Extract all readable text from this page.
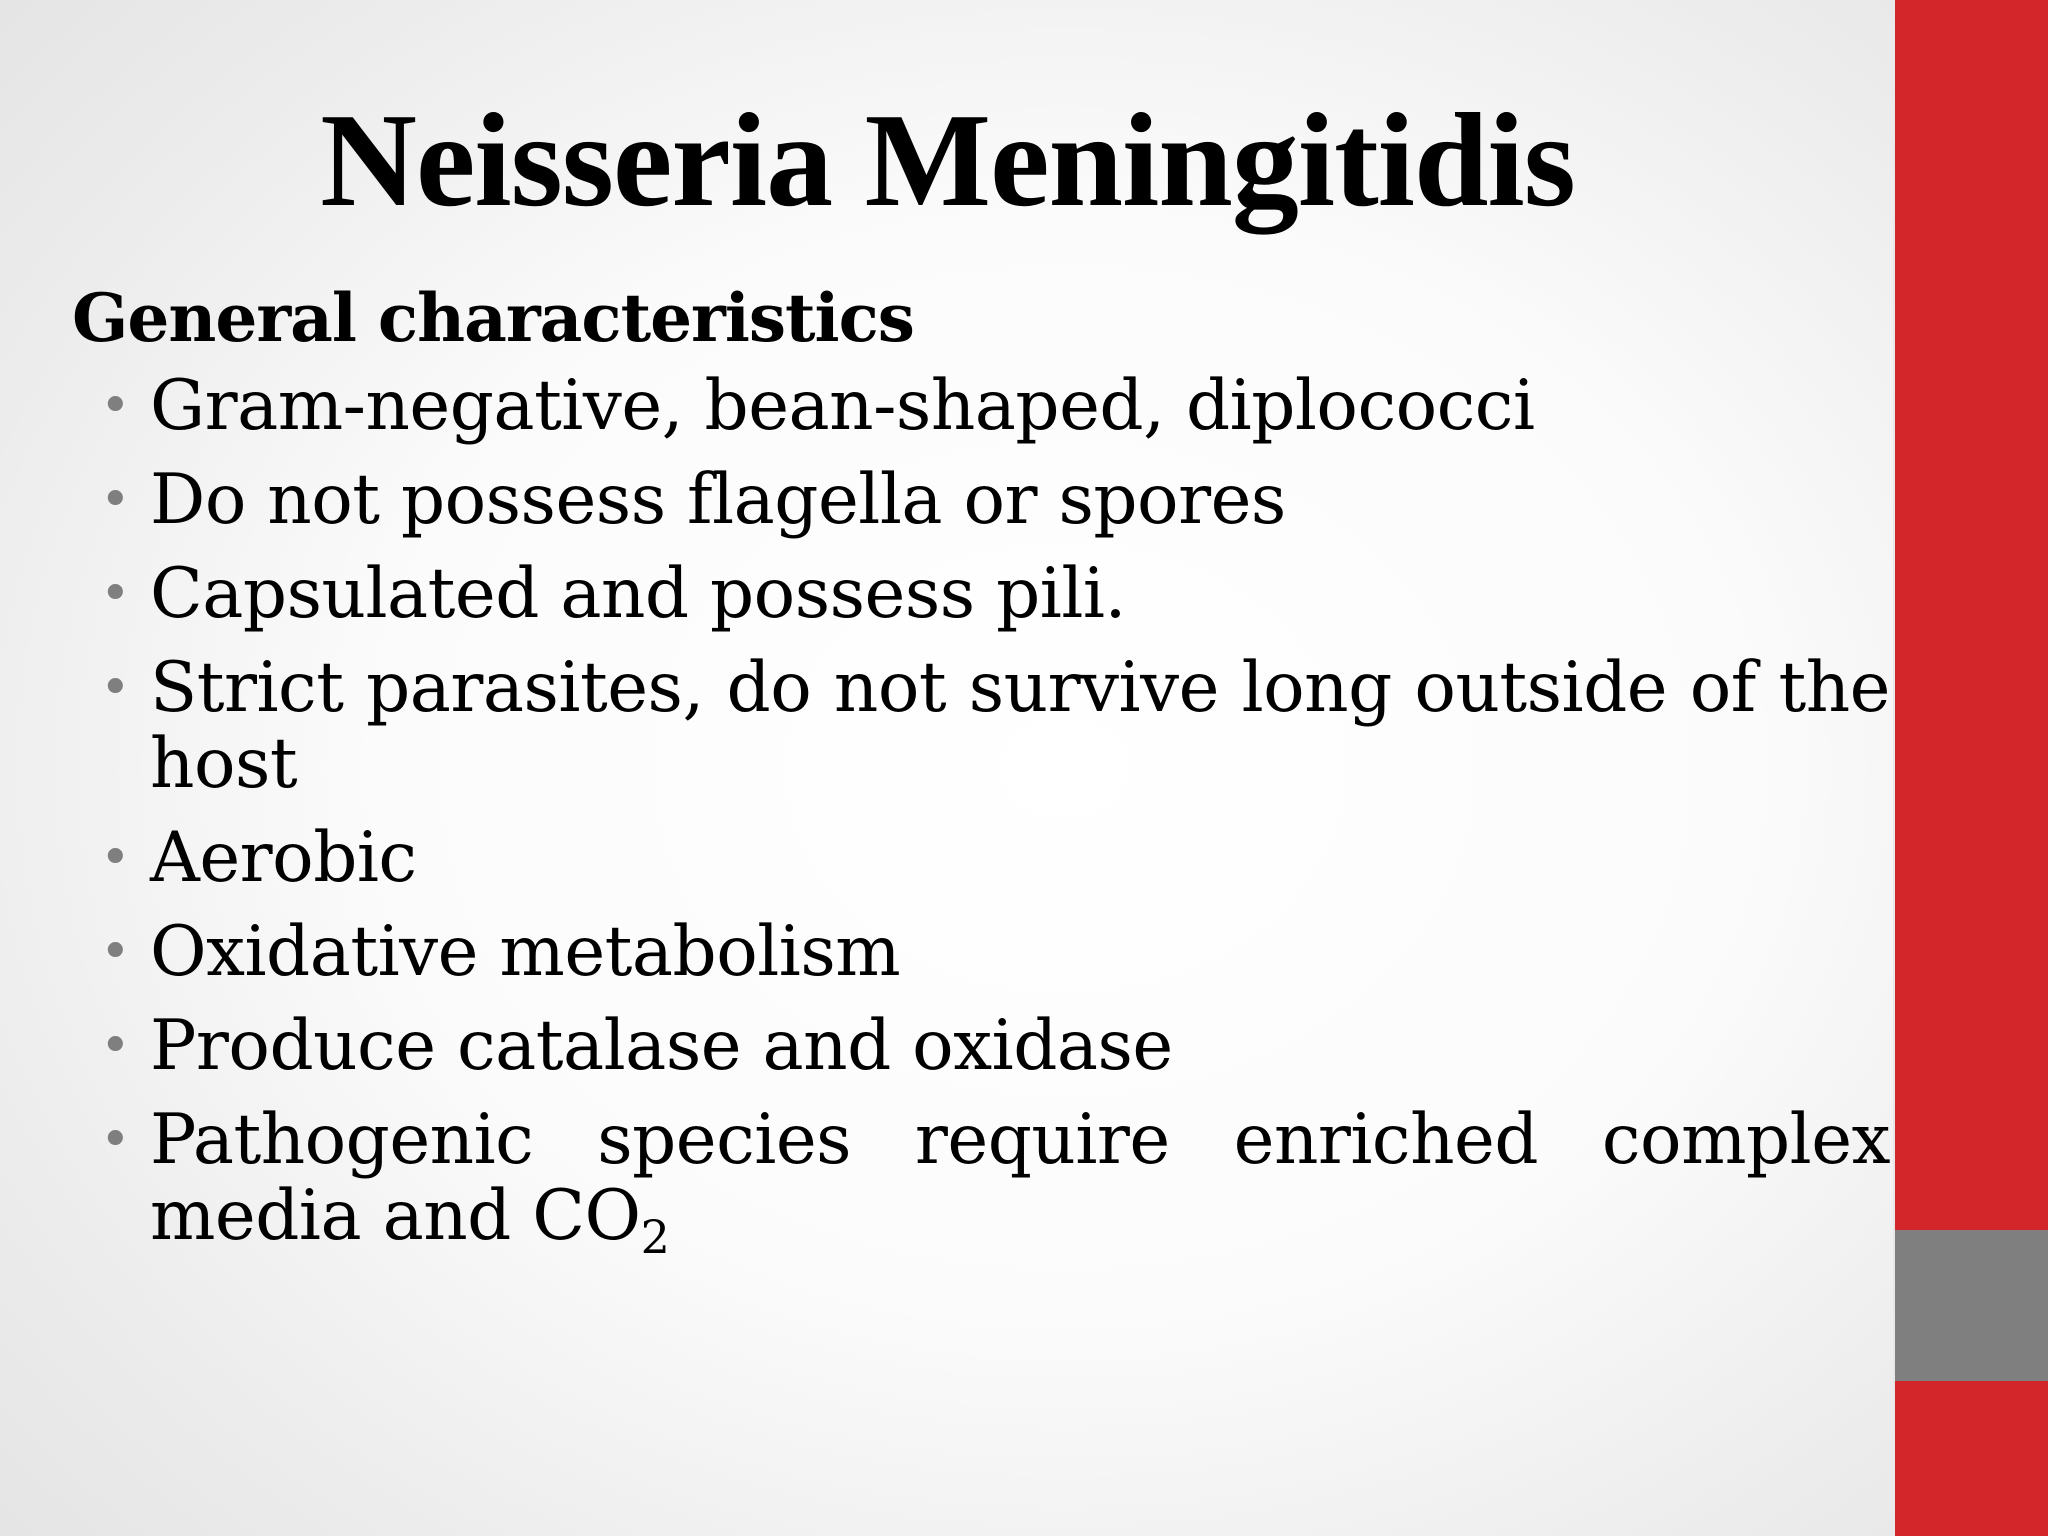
Neisseria Meningitidis
General characteristics
• Gram-negative, bean-shaped, diplococci
• Do not possess flagella or spores
• Capsulated and possess pili.
• Strict parasites, do not survive long outside of the host
• Aerobic
• Oxidative metabolism
• Produce catalase and oxidase
• Pathogenic species require enriched complex media and $CO_2$
